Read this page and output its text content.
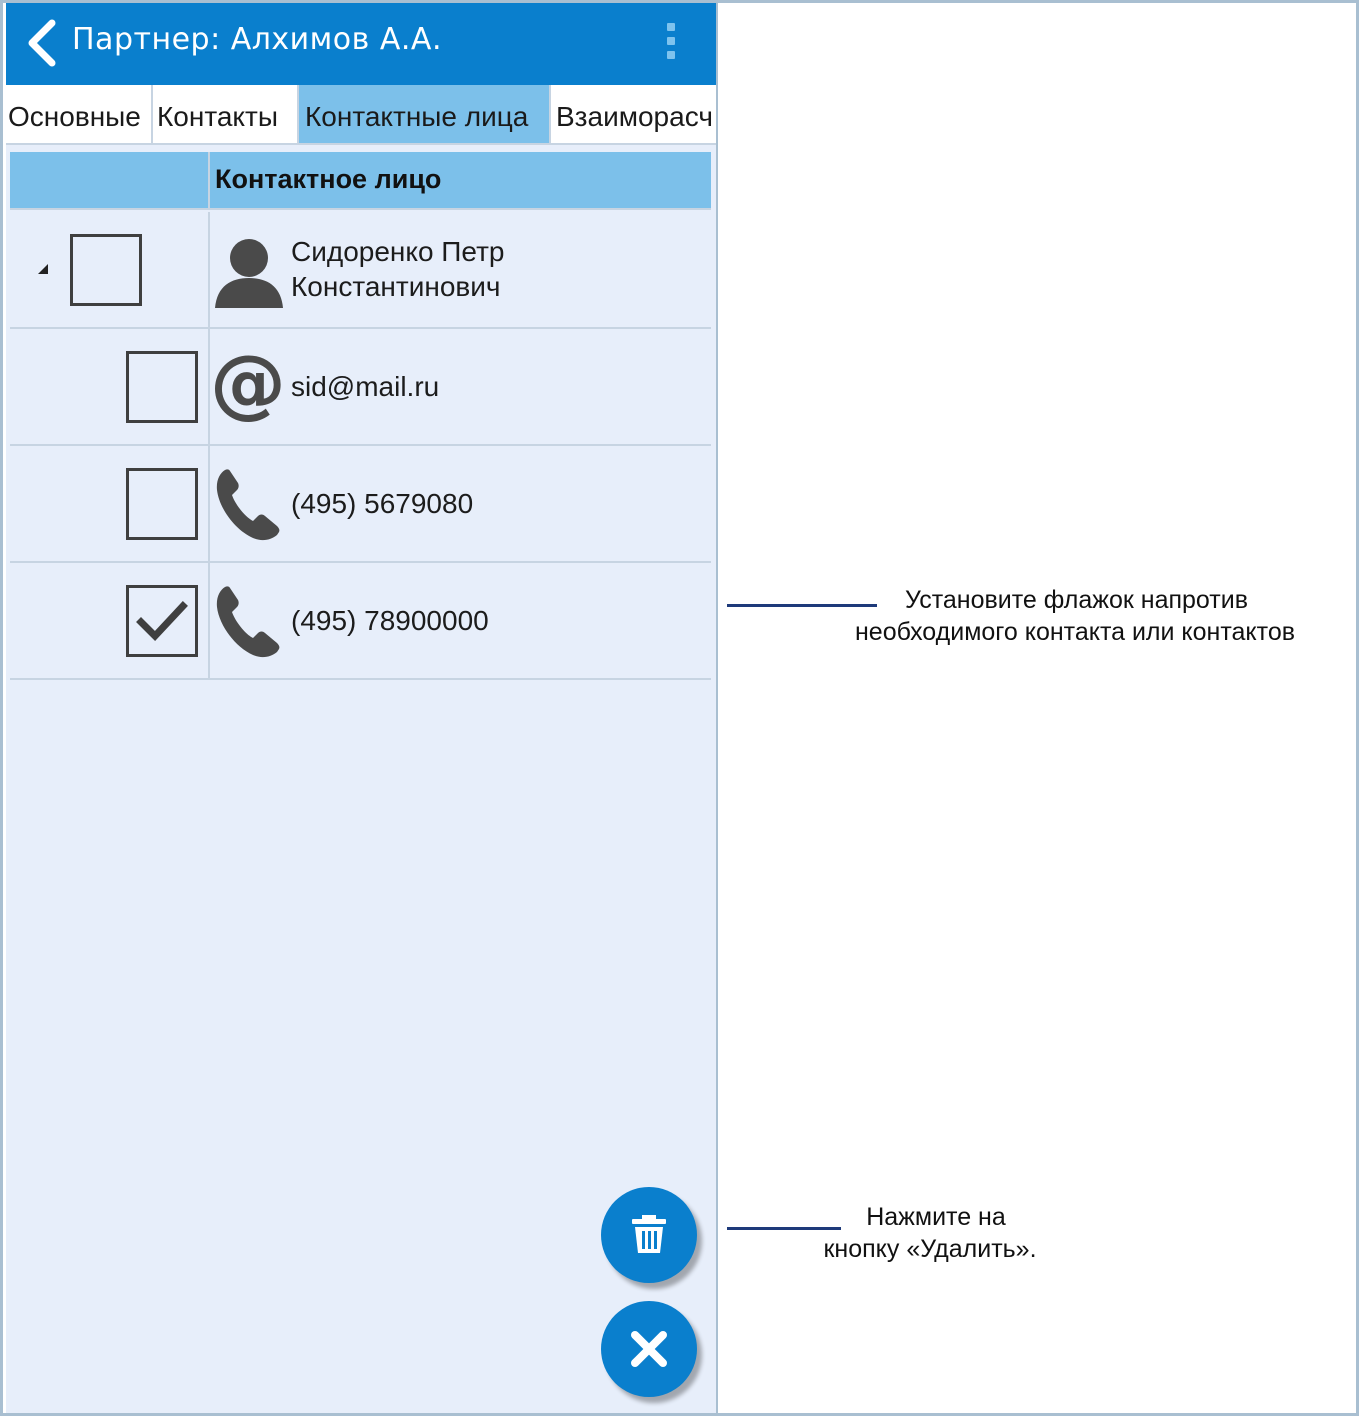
Партнер: Алхимов А.А.
Основные Контакты Контактные лица Взаиморасч
Контактное лицо
Сидоренко Петр
Константинович
@ sid@mail.ru
(495) 5679080
(495) 78900000
Установите флажок напротив
необходимого контакта или контактов
Нажмите на
кнопку «Удалить».
